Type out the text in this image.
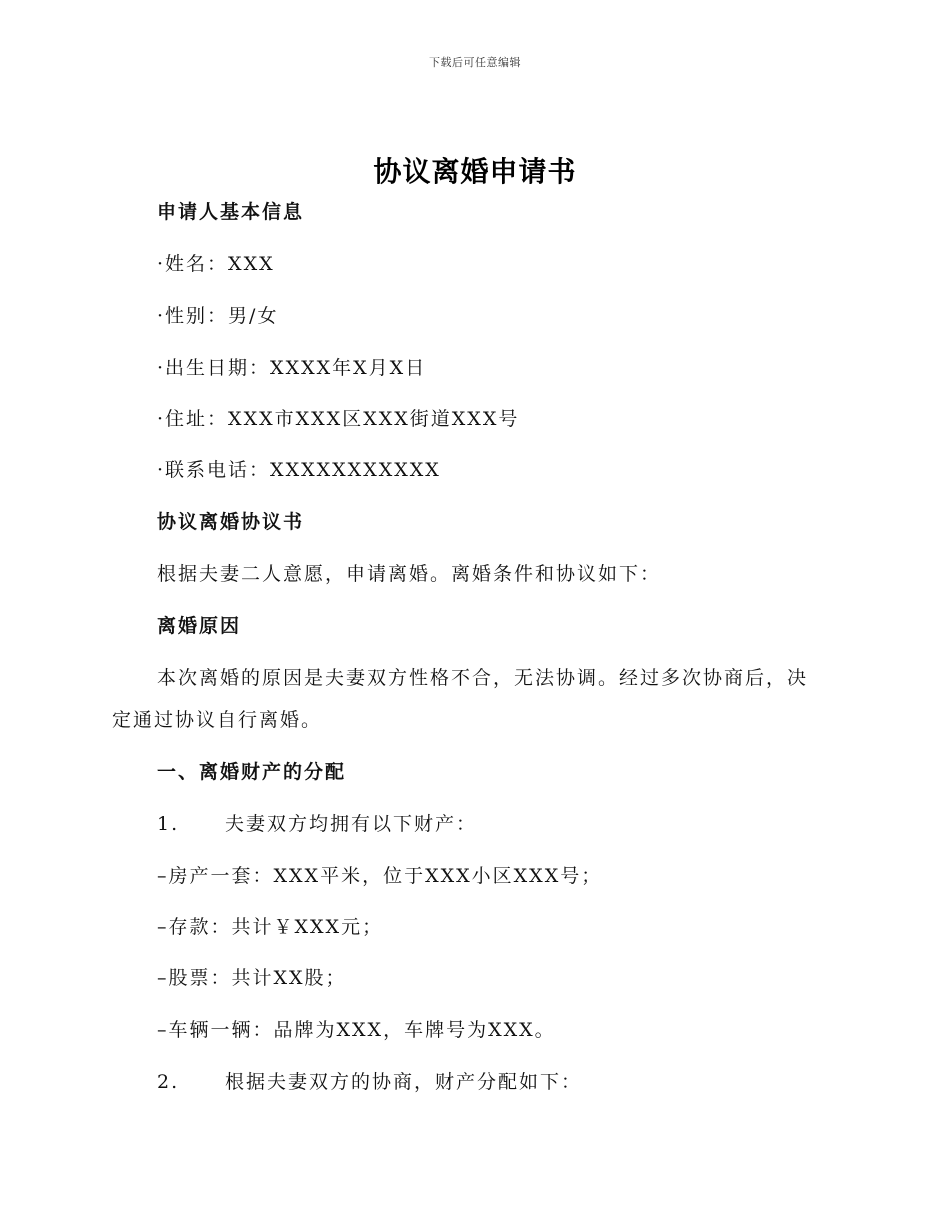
下载后可任意编辑
协议离婚申请书
申请人基本信息
·姓名：XXX
·性别：男/女
·出生日期：XXXX年X月X日
·住址：XXX市XXX区XXX街道XXX号
·联系电话：XXXXXXXXXXX
协议离婚协议书
根据夫妻二人意愿，申请离婚。离婚条件和协议如下：
离婚原因
本次离婚的原因是夫妻双方性格不合，无法协调。经过多次协商后，决
定通过协议自行离婚。
一、离婚财产的分配
1. 夫妻双方均拥有以下财产：
–房产一套：XXX平米，位于XXX小区XXX号；
–存款：共计￥XXX元；
–股票：共计XX股；
–车辆一辆：品牌为XXX，车牌号为XXX。
2. 根据夫妻双方的协商，财产分配如下：
